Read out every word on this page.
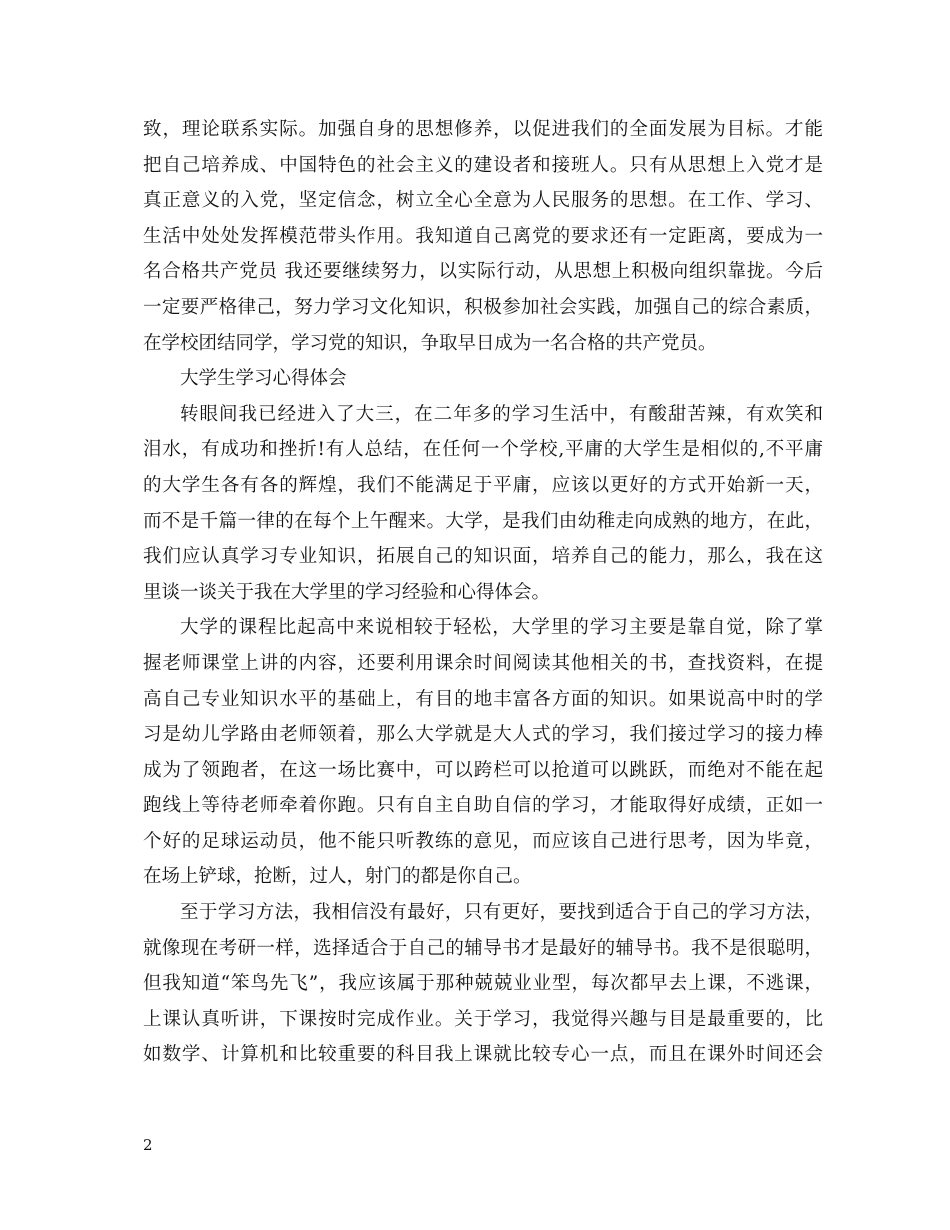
致，理论联系实际。加强自身的思想修养，以促进我们的全面发展为目标。才能
把自己培养成、中国特色的社会主义的建设者和接班人。只有从思想上入党才是
真正意义的入党，坚定信念，树立全心全意为人民服务的思想。在工作、学习、
生活中处处发挥模范带头作用。我知道自己离党的要求还有一定距离，要成为一
名合格共产党员 我还要继续努力，以实际行动，从思想上积极向组织靠拢。今后
一定要严格律己，努力学习文化知识，积极参加社会实践，加强自己的综合素质，
在学校团结同学，学习党的知识，争取早日成为一名合格的共产党员。
大学生学习心得体会
转眼间我已经进入了大三，在二年多的学习生活中，有酸甜苦辣，有欢笑和
泪水，有成功和挫折!有人总结，在任何一个学校,平庸的大学生是相似的,不平庸
的大学生各有各的辉煌，我们不能满足于平庸，应该以更好的方式开始新一天，
而不是千篇一律的在每个上午醒来。大学，是我们由幼稚走向成熟的地方，在此，
我们应认真学习专业知识，拓展自己的知识面，培养自己的能力，那么，我在这
里谈一谈关于我在大学里的学习经验和心得体会。
大学的课程比起高中来说相较于轻松，大学里的学习主要是靠自觉，除了掌
握老师课堂上讲的内容，还要利用课余时间阅读其他相关的书，查找资料，在提
高自己专业知识水平的基础上，有目的地丰富各方面的知识。如果说高中时的学
习是幼儿学路由老师领着，那么大学就是大人式的学习，我们接过学习的接力棒
成为了领跑者，在这一场比赛中，可以跨栏可以抢道可以跳跃，而绝对不能在起
跑线上等待老师牵着你跑。只有自主自助自信的学习，才能取得好成绩，正如一
个好的足球运动员，他不能只听教练的意见，而应该自己进行思考，因为毕竟，
在场上铲球，抢断，过人，射门的都是你自己。
至于学习方法，我相信没有最好，只有更好，要找到适合于自己的学习方法，
就像现在考研一样，选择适合于自己的辅导书才是最好的辅导书。我不是很聪明，
但我知道“笨鸟先飞”，我应该属于那种兢兢业业型，每次都早去上课，不逃课，
上课认真听讲，下课按时完成作业。关于学习，我觉得兴趣与目是最重要的，比
如数学、计算机和比较重要的科目我上课就比较专心一点，而且在课外时间还会
2
